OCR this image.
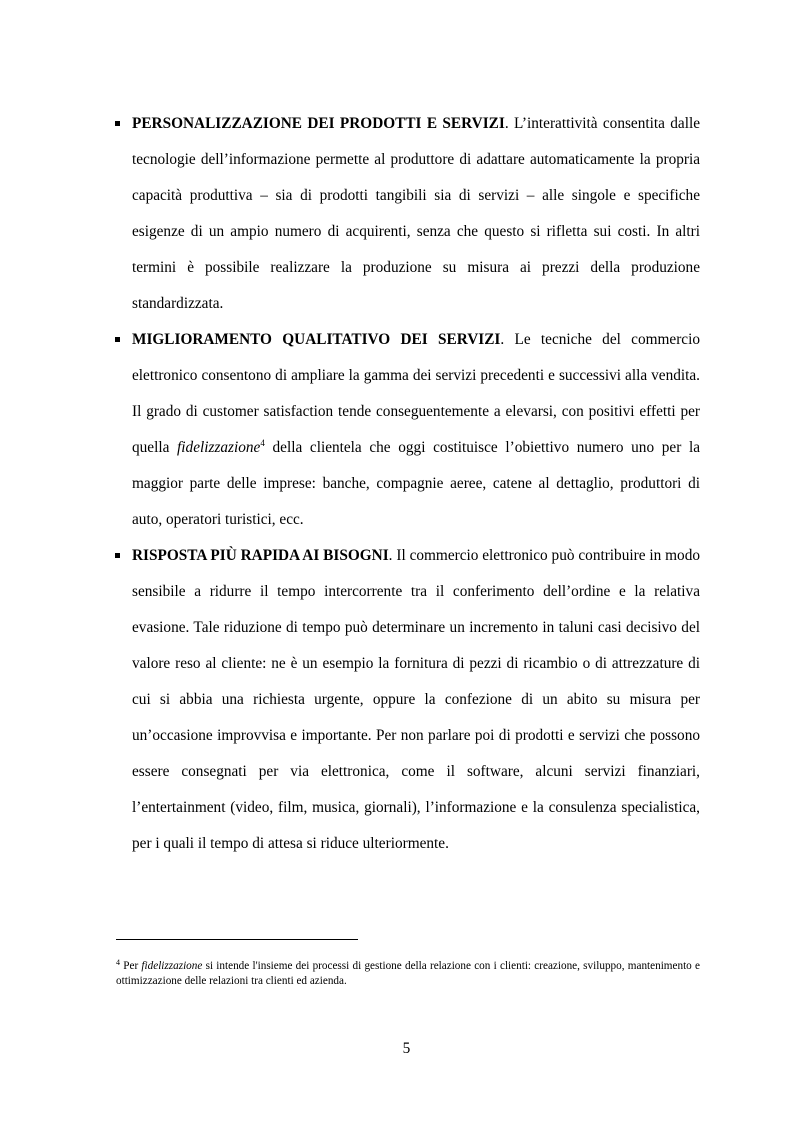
PERSONALIZZAZIONE DEI PRODOTTI E SERVIZI. L’interattività consentita dalle tecnologie dell’informazione permette al produttore di adattare automaticamente la propria capacità produttiva – sia di prodotti tangibili sia di servizi – alle singole e specifiche esigenze di un ampio numero di acquirenti, senza che questo si rifletta sui costi. In altri termini è possibile realizzare la produzione su misura ai prezzi della produzione standardizzata.
MIGLIORAMENTO QUALITATIVO DEI SERVIZI. Le tecniche del commercio elettronico consentono di ampliare la gamma dei servizi precedenti e successivi alla vendita. Il grado di customer satisfaction tende conseguentemente a elevarsi, con positivi effetti per quella fidelizzazione$^4$ della clientela che oggi costituisce l’obiettivo numero uno per la maggior parte delle imprese: banche, compagnie aeree, catene al dettaglio, produttori di auto, operatori turistici, ecc.
RISPOSTA PIÙ RAPIDA AI BISOGNI. Il commercio elettronico può contribuire in modo sensibile a ridurre il tempo intercorrente tra il conferimento dell’ordine e la relativa evasione. Tale riduzione di tempo può determinare un incremento in taluni casi decisivo del valore reso al cliente: ne è un esempio la fornitura di pezzi di ricambio o di attrezzature di cui si abbia una richiesta urgente, oppure la confezione di un abito su misura per un’occasione improvvisa e importante. Per non parlare poi di prodotti e servizi che possono essere consegnati per via elettronica, come il software, alcuni servizi finanziari, l’entertainment (video, film, musica, giornali), l’informazione e la consulenza specialistica, per i quali il tempo di attesa si riduce ulteriormente.

$^4$ Per fidelizzazione si intende l'insieme dei processi di gestione della relazione con i clienti: creazione, sviluppo, mantenimento e ottimizzazione delle relazioni tra clienti ed azienda.

5
